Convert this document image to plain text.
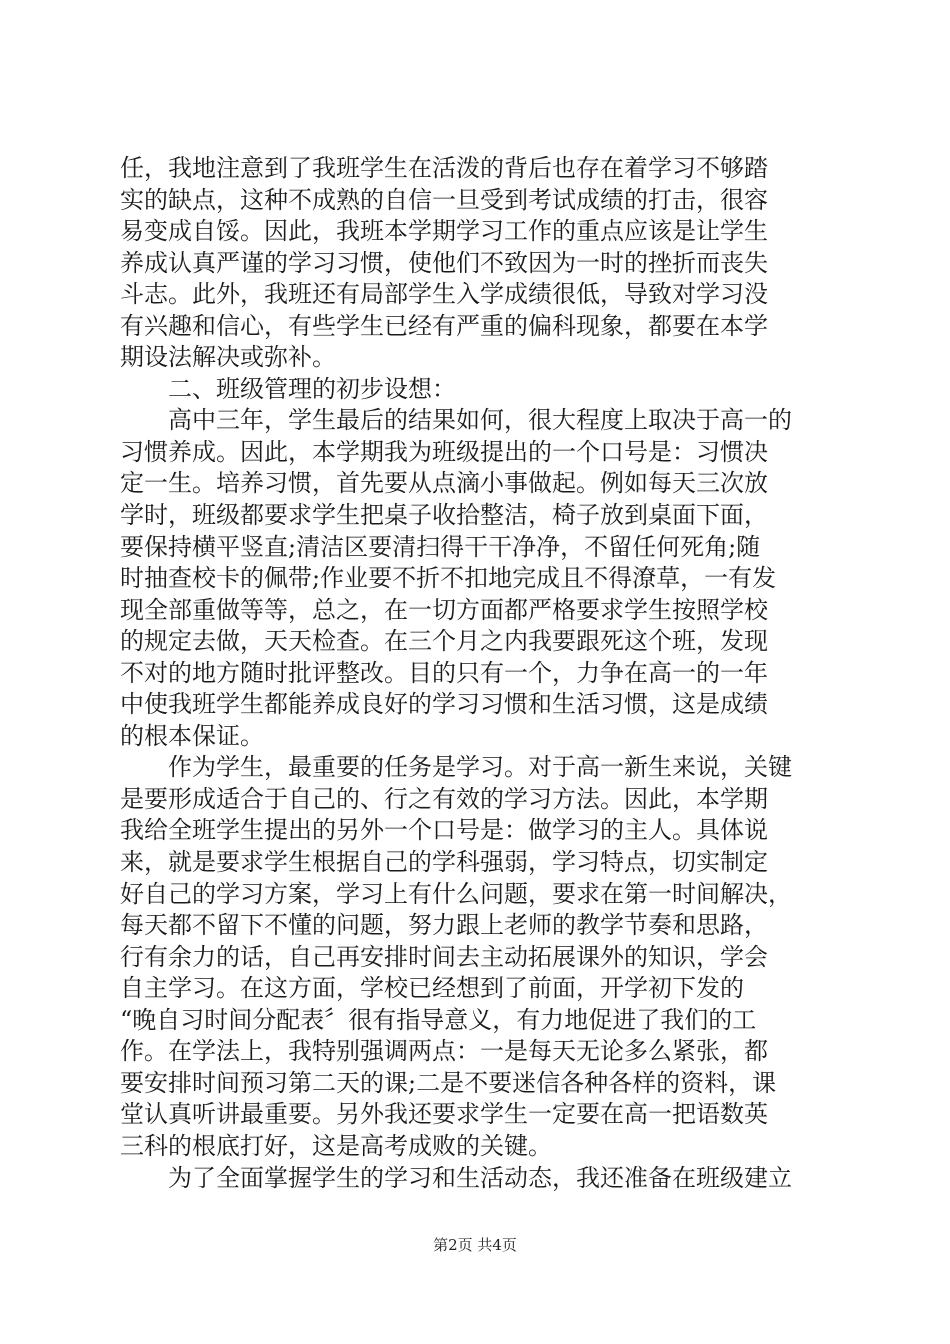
任，我地注意到了我班学生在活泼的背后也存在着学习不够踏
实的缺点，这种不成熟的自信一旦受到考试成绩的打击，很容
易变成自馁。因此，我班本学期学习工作的重点应该是让学生
养成认真严谨的学习习惯，使他们不致因为一时的挫折而丧失
斗志。此外，我班还有局部学生入学成绩很低，导致对学习没
有兴趣和信心，有些学生已经有严重的偏科现象，都要在本学
期设法解决或弥补。
　　二、班级管理的初步设想：
　　高中三年，学生最后的结果如何，很大程度上取决于高一的
习惯养成。因此，本学期我为班级提出的一个口号是：习惯决
定一生。培养习惯，首先要从点滴小事做起。例如每天三次放
学时，班级都要求学生把桌子收拾整洁，椅子放到桌面下面，
要保持横平竖直;清洁区要清扫得干干净净，不留任何死角;随
时抽查校卡的佩带;作业要不折不扣地完成且不得潦草，一有发
现全部重做等等，总之，在一切方面都严格要求学生按照学校
的规定去做，天天检查。在三个月之内我要跟死这个班，发现
不对的地方随时批评整改。目的只有一个，力争在高一的一年
中使我班学生都能养成良好的学习习惯和生活习惯，这是成绩
的根本保证。
　　作为学生，最重要的任务是学习。对于高一新生来说，关键
是要形成适合于自己的、行之有效的学习方法。因此，本学期
我给全班学生提出的另外一个口号是：做学习的主人。具体说
来，就是要求学生根据自己的学科强弱，学习特点，切实制定
好自己的学习方案，学习上有什么问题，要求在第一时间解决，
每天都不留下不懂的问题，努力跟上老师的教学节奏和思路，
行有余力的话，自己再安排时间去主动拓展课外的知识，学会
自主学习。在这方面，学校已经想到了前面，开学初下发的
“晚自习时间分配表〞很有指导意义，有力地促进了我们的工
作。在学法上，我特别强调两点：一是每天无论多么紧张，都
要安排时间预习第二天的课;二是不要迷信各种各样的资料，课
堂认真听讲最重要。另外我还要求学生一定要在高一把语数英
三科的根底打好，这是高考成败的关键。
　　为了全面掌握学生的学习和生活动态，我还准备在班级建立
第2页 共4页
